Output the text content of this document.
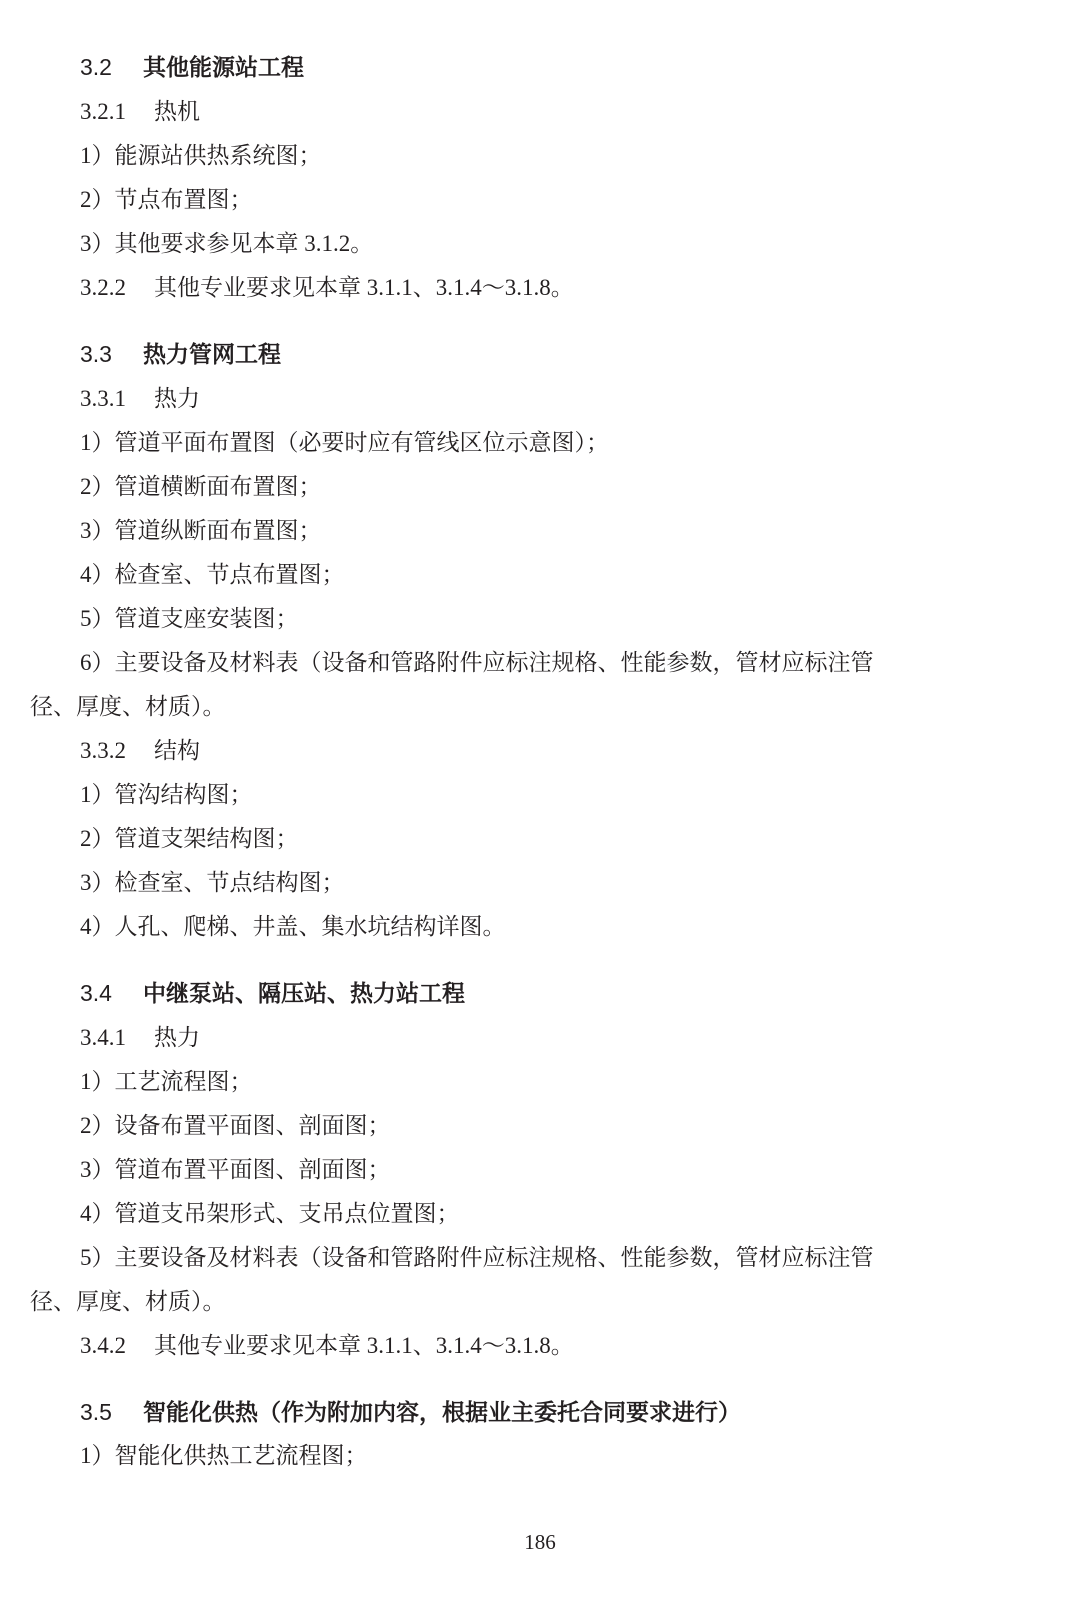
3.2 其他能源站工程
3.2.1 热机
1）能源站供热系统图；
2）节点布置图；
3）其他要求参见本章 3.1.2。
3.2.2 其他专业要求见本章 3.1.1、3.1.4～3.1.8。
3.3 热力管网工程
3.3.1 热力
1）管道平面布置图（必要时应有管线区位示意图）；
2）管道横断面布置图；
3）管道纵断面布置图；
4）检查室、节点布置图；
5）管道支座安装图；
6）主要设备及材料表（设备和管路附件应标注规格、性能参数，管材应标注管
径、厚度、材质）。
3.3.2 结构
1）管沟结构图；
2）管道支架结构图；
3）检查室、节点结构图；
4）人孔、爬梯、井盖、集水坑结构详图。
3.4 中继泵站、隔压站、热力站工程
3.4.1 热力
1）工艺流程图；
2）设备布置平面图、剖面图；
3）管道布置平面图、剖面图；
4）管道支吊架形式、支吊点位置图；
5）主要设备及材料表（设备和管路附件应标注规格、性能参数，管材应标注管
径、厚度、材质）。
3.4.2 其他专业要求见本章 3.1.1、3.1.4～3.1.8。
3.5 智能化供热（作为附加内容，根据业主委托合同要求进行）
1）智能化供热工艺流程图；
186
